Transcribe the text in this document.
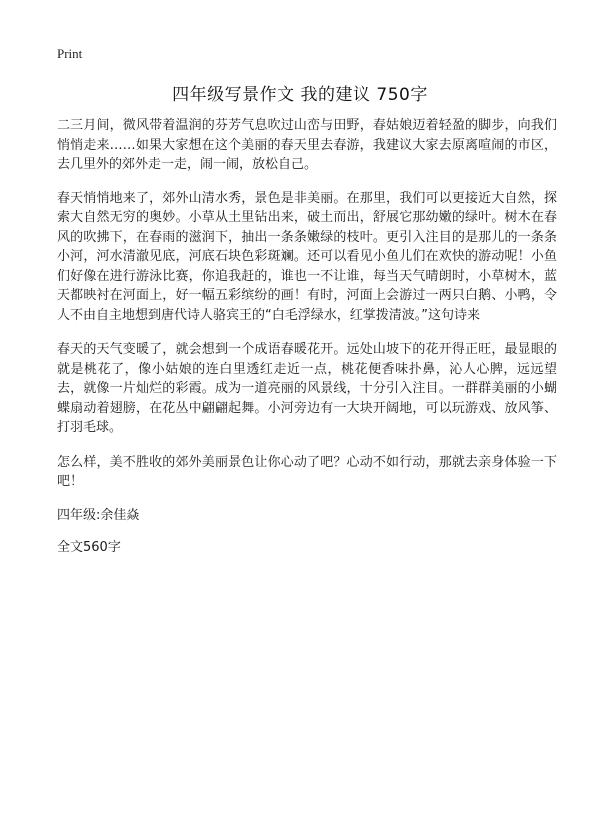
Print
四年级写景作文 我的建议 750字

二三月间，微风带着温润的芬芳气息吹过山峦与田野，春姑娘迈着轻盈的脚步，向我们悄悄走来……如果大家想在这个美丽的春天里去春游，我建议大家去原离喧闹的市区，去几里外的郊外走一走，闹一闹，放松自己。

春天悄悄地来了，郊外山清水秀，景色是非美丽。在那里，我们可以更接近大自然，探索大自然无穷的奥妙。小草从土里钻出来，破土而出，舒展它那幼嫩的绿叶。树木在春风的吹拂下，在春雨的滋润下，抽出一条条嫩绿的枝叶。更引入注目的是那儿的一条条小河，河水清澈见底，河底石块色彩斑斓。还可以看见小鱼儿们在欢快的游动呢！小鱼们好像在进行游泳比赛，你追我赶的，谁也一不让谁，每当天气晴朗时，小草树木，蓝天都映衬在河面上，好一幅五彩缤纷的画！有时，河面上会游过一两只白鹅、小鸭，令人不由自主地想到唐代诗人骆宾王的“白毛浮绿水，红掌拨清波。”这句诗来

春天的天气变暖了，就会想到一个成语春暖花开。远处山坡下的花开得正旺，最显眼的就是桃花了，像小姑娘的连白里透红走近一点，桃花便香味扑鼻，沁人心脾，远远望去，就像一片灿烂的彩霞。成为一道亮丽的风景线，十分引入注目。一群群美丽的小蝴蝶扇动着翅膀，在花丛中翩翩起舞。小河旁边有一大块开阔地，可以玩游戏、放风筝、打羽毛球。

怎么样，美不胜收的郊外美丽景色让你心动了吧？心动不如行动，那就去亲身体验一下吧！

四年级:余佳焱

全文560字
